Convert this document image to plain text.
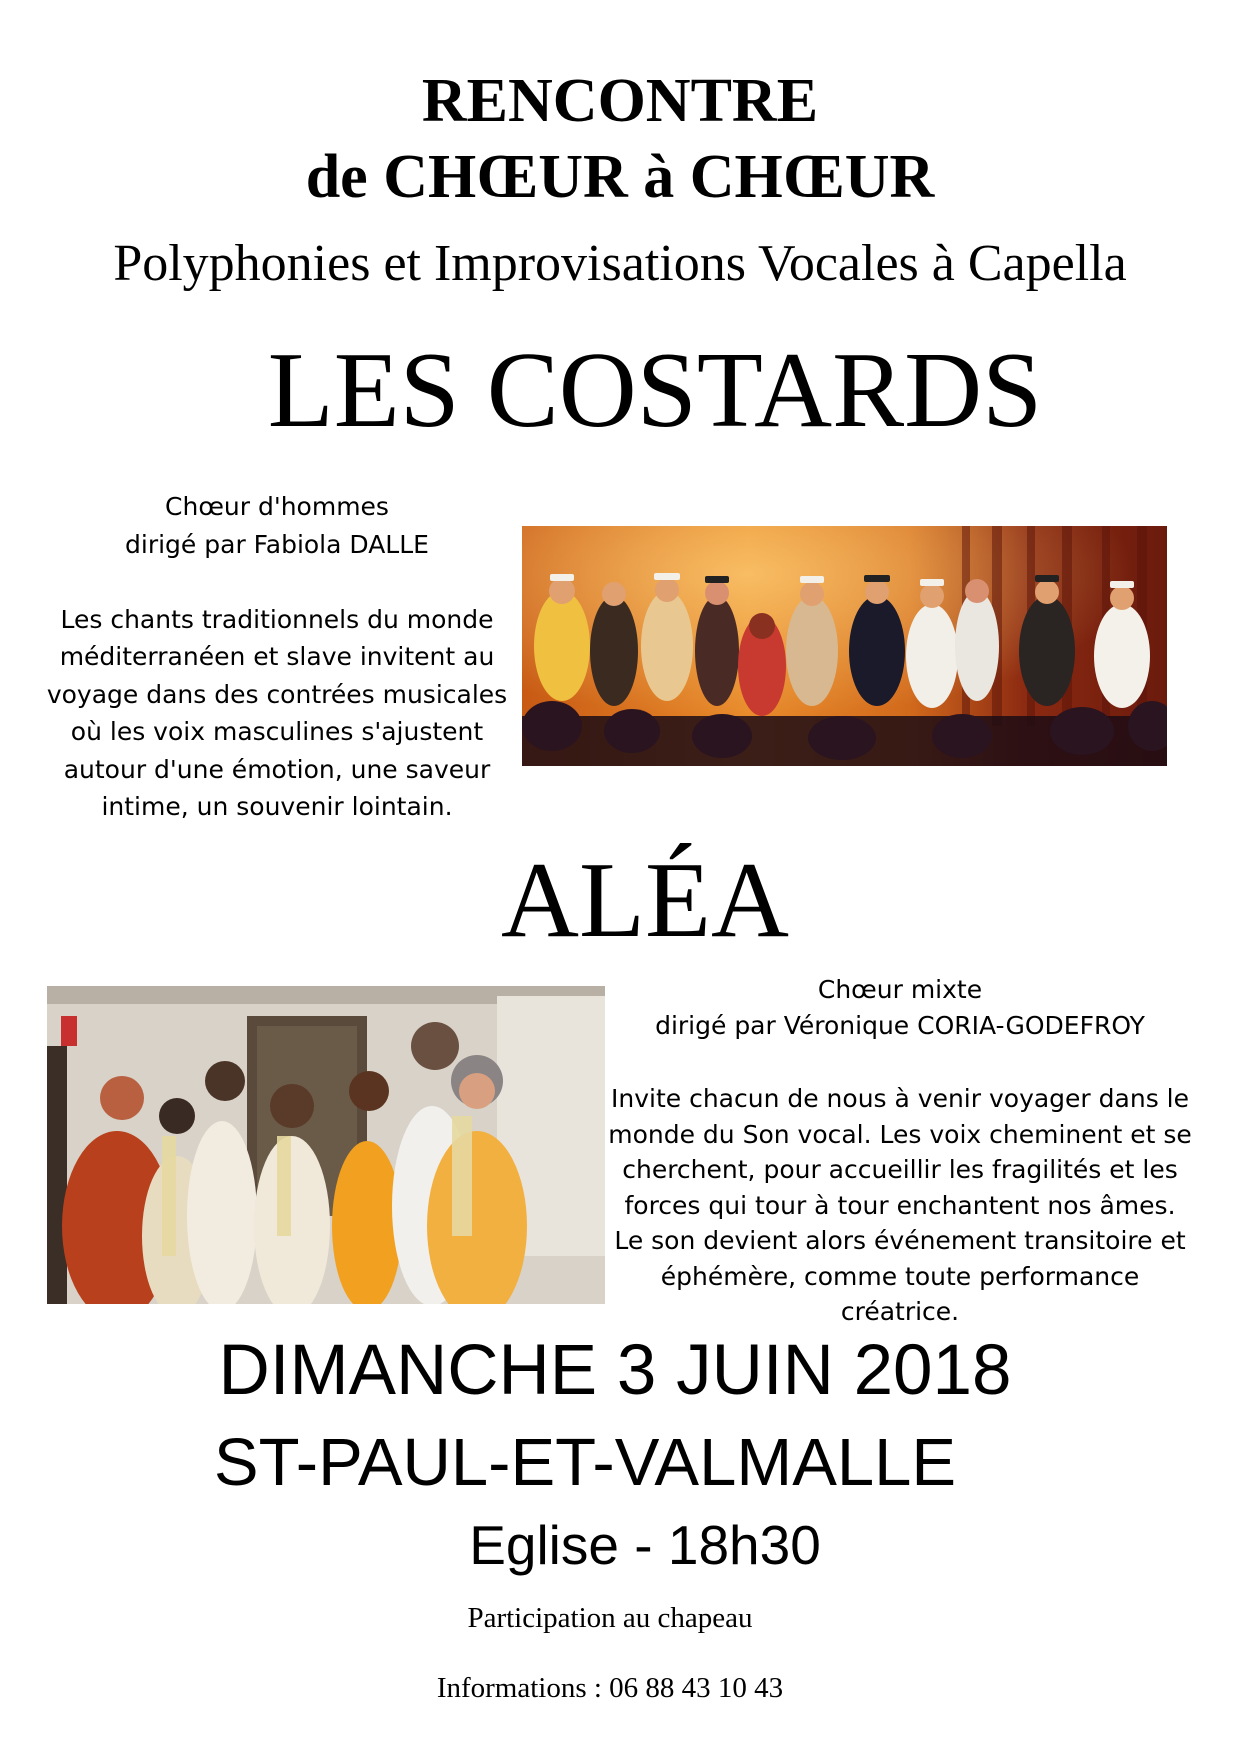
RENCONTRE
de CHŒUR à CHŒUR
Polyphonies et Improvisations Vocales à Capella
LES COSTARDS

Chœur d'hommes

dirigé par Fabiola DALLE

Les chants traditionnels du monde

méditerranéen et slave invitent au

voyage dans des contrées musicales

où les voix masculines s'ajustent

autour d'une émotion, une saveur

intime, un souvenir lointain.

ALÉA

Chœur mixte

dirigé par Véronique CORIA-GODEFROY

Invite chacun de nous à venir voyager dans le

monde du Son vocal. Les voix cheminent et se

cherchent, pour accueillir les fragilités et les

forces qui tour à tour enchantent nos âmes.

Le son devient alors événement transitoire et

éphémère, comme toute performance créatrice.

DIMANCHE 3 JUIN 2018
ST-PAUL-ET-VALMALLE
Eglise - 18h30
Participation au chapeau
Informations : 06 88 43 10 43
